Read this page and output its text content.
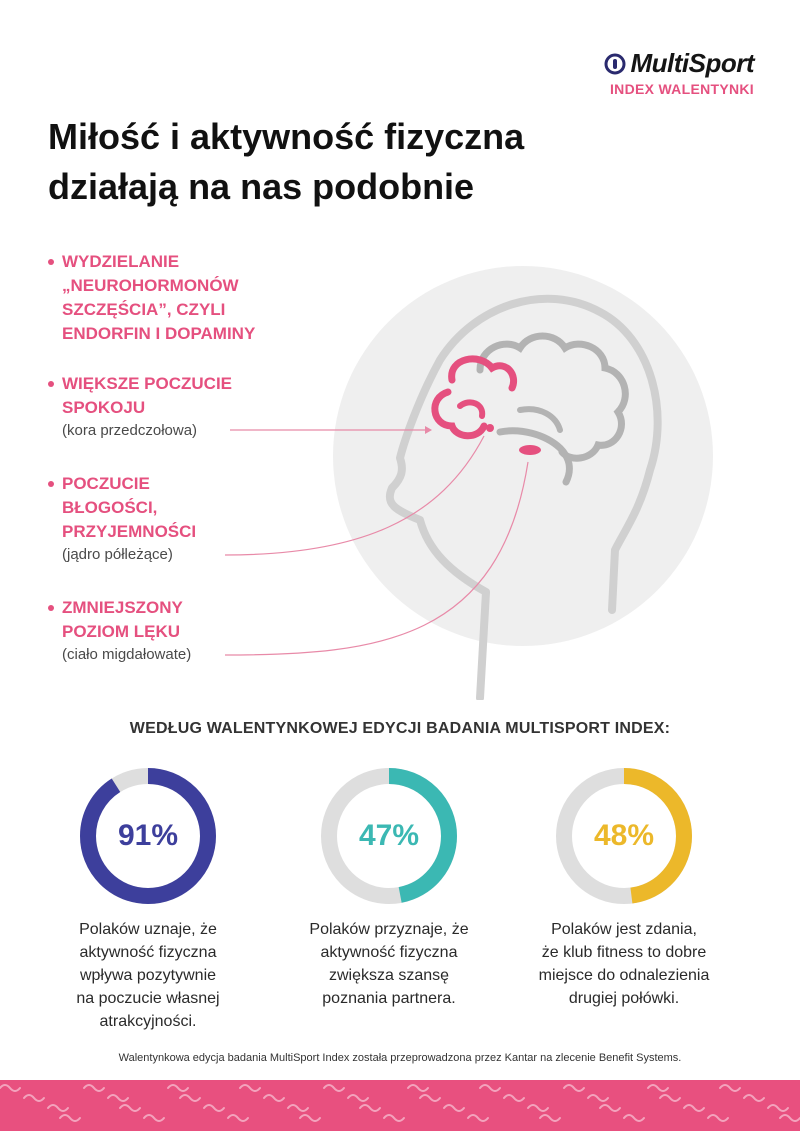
MultiSport
INDEX WALENTYNKI
Miłość i aktywność fizyczna
działają na nas podobnie
WYDZIELANIE
„NEUROHORMONÓW
SZCZĘŚCIA”, CZYLI
ENDORFIN I DOPAMINY
WIĘKSZE POCZUCIE
SPOKOJU
(kora przedczołowa)
POCZUCIE
BŁOGOŚCI,
PRZYJEMNOŚCI
(jądro półleżące)
ZMNIEJSZONY
POZIOM LĘKU
(ciało migdałowate)
WEDŁUG WALENTYNKOWEJ EDYCJI BADANIA MULTISPORT INDEX:
91%
Polaków uznaje, że
aktywność fizyczna
wpływa pozytywnie
na poczucie własnej
atrakcyjności.
47%
Polaków przyznaje, że
aktywność fizyczna
zwiększa szansę
poznania partnera.
48%
Polaków jest zdania,
że klub fitness to dobre
miejsce do odnalezienia
drugiej połówki.
Walentynkowa edycja badania MultiSport Index została przeprowadzona przez Kantar na zlecenie Benefit Systems.
